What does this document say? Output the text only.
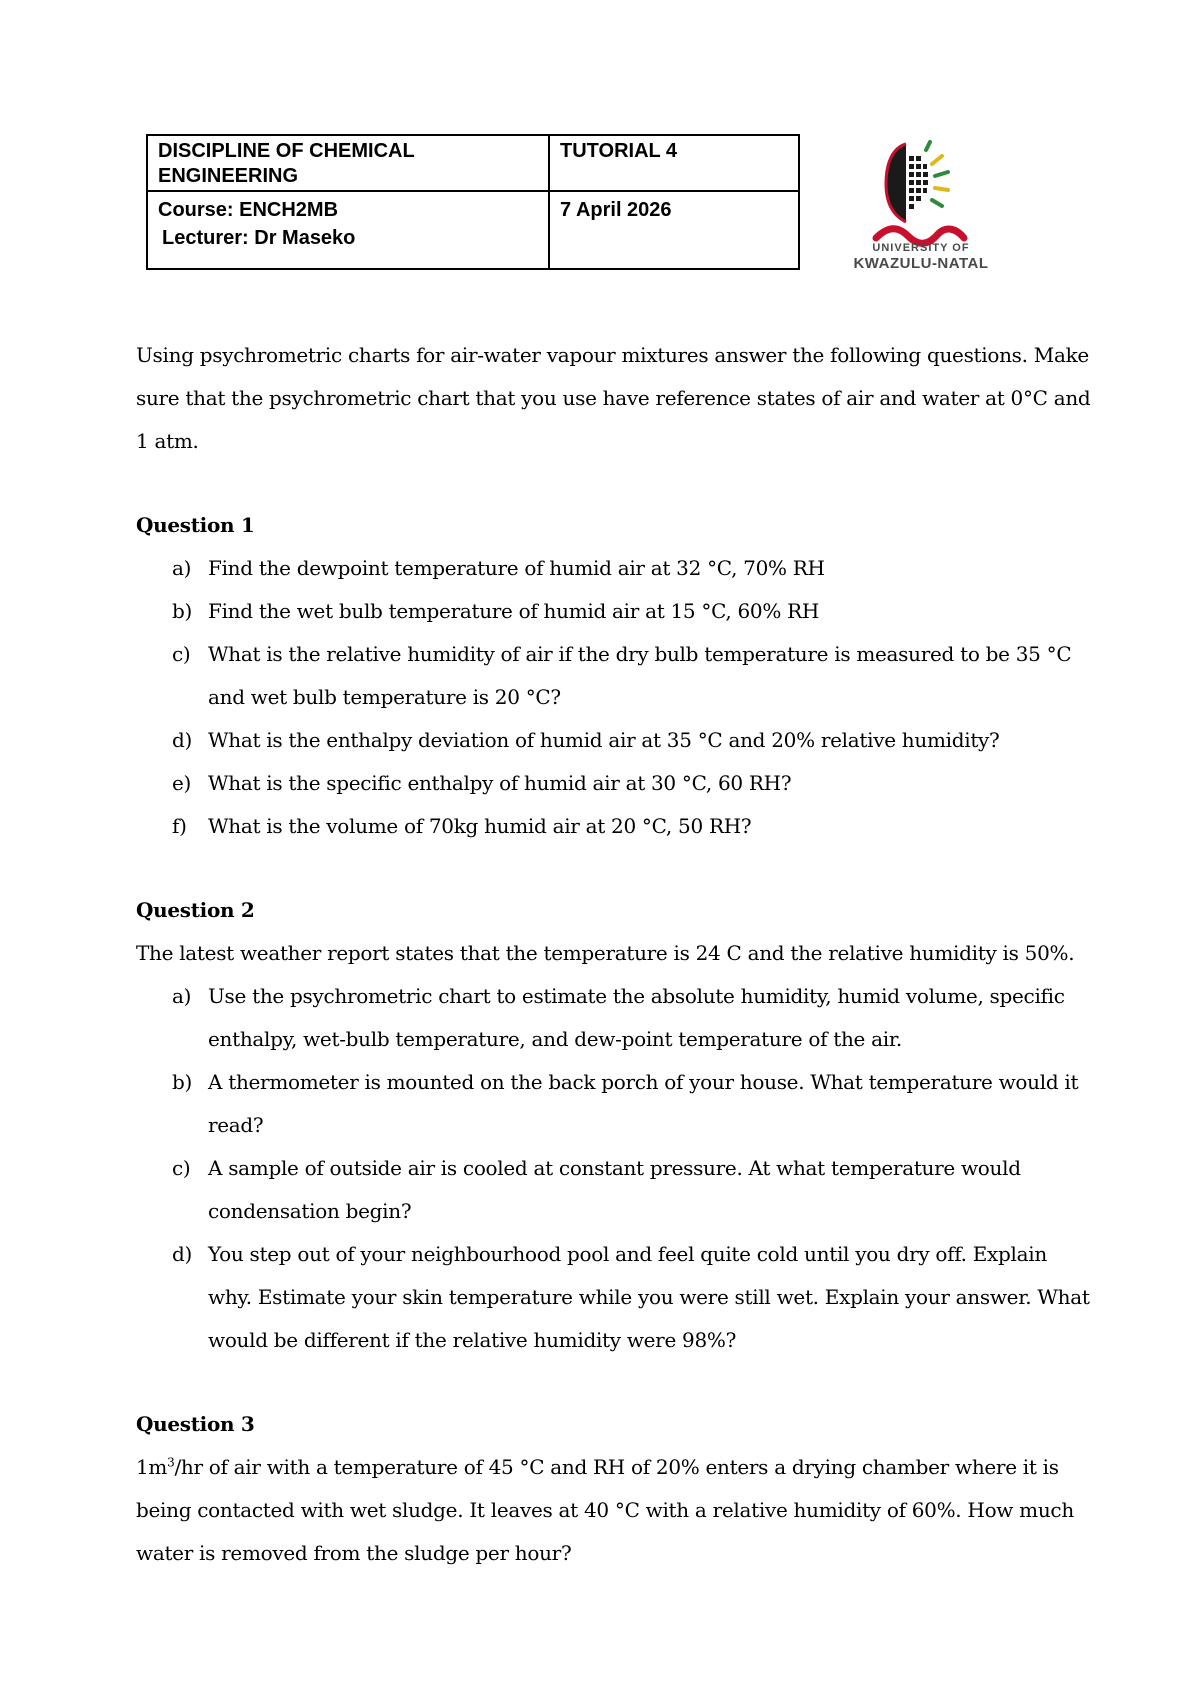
DISCIPLINE OF CHEMICAL ENGINEERING	TUTORIAL 4
Course: ENCH2MB
Lecturer: Dr Maseko	7 April 2026
UNIVERSITY OF
KWAZULU-NATAL

Using psychrometric charts for air-water vapour mixtures answer the following questions. Make sure that the psychrometric chart that you use have reference states of air and water at 0°C and 1 atm.

Question 1

a) Find the dewpoint temperature of humid air at 32 °C, 70% RH
b) Find the wet bulb temperature of humid air at 15 °C, 60% RH
c) What is the relative humidity of air if the dry bulb temperature is measured to be 35 °C and wet bulb temperature is 20 °C?
d) What is the enthalpy deviation of humid air at 35 °C and 20% relative humidity?
e) What is the specific enthalpy of humid air at 30 °C, 60 RH?
f) What is the volume of 70kg humid air at 20 °C, 50 RH?

Question 2

The latest weather report states that the temperature is 24 C and the relative humidity is 50%.

a) Use the psychrometric chart to estimate the absolute humidity, humid volume, specific enthalpy, wet-bulb temperature, and dew-point temperature of the air.
b) A thermometer is mounted on the back porch of your house. What temperature would it read?
c) A sample of outside air is cooled at constant pressure. At what temperature would condensation begin?
d) You step out of your neighbourhood pool and feel quite cold until you dry off. Explain why. Estimate your skin temperature while you were still wet. Explain your answer. What would be different if the relative humidity were 98%?

Question 3

$1m^3/hr$ of air with a temperature of 45 °C and RH of 20% enters a drying chamber where it is being contacted with wet sludge. It leaves at 40 °C with a relative humidity of 60%. How much water is removed from the sludge per hour?
